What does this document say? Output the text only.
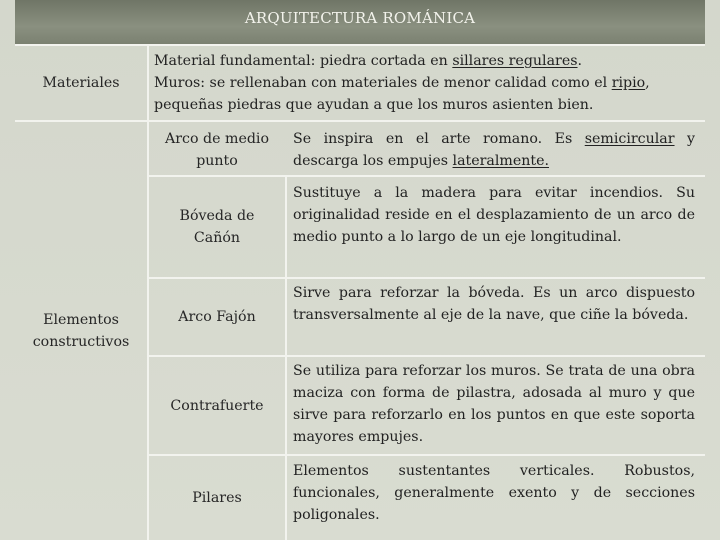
ARQUITECTURA ROMÁNICA
Materiales
Material fundamental: piedra cortada en sillares regulares.
Muros: se rellenaban con materiales de menor calidad como el ripio,
pequeñas piedras que ayudan a que los muros asienten bien.
Elementos
constructivos
Arco de medio
punto
Se inspira en el arte romano. Es semicircular y descarga los empujes lateralmente.
Bóveda de
Cañón
Sustituye a la madera para evitar incendios. Su originalidad reside en el desplazamiento de un arco de medio punto a lo largo de un eje longitudinal.
Arco Fajón
Sirve para reforzar la bóveda. Es un arco dispuesto transversalmente al eje de la nave, que ciñe la bóveda.
Contrafuerte
Se utiliza para reforzar los muros. Se trata de una obra maciza con forma de pilastra, adosada al muro y que sirve para reforzarlo en los puntos en que este soporta mayores empujes.
Pilares
Elementos sustentantes verticales. Robustos, funcionales, generalmente exento y de secciones poligonales.
